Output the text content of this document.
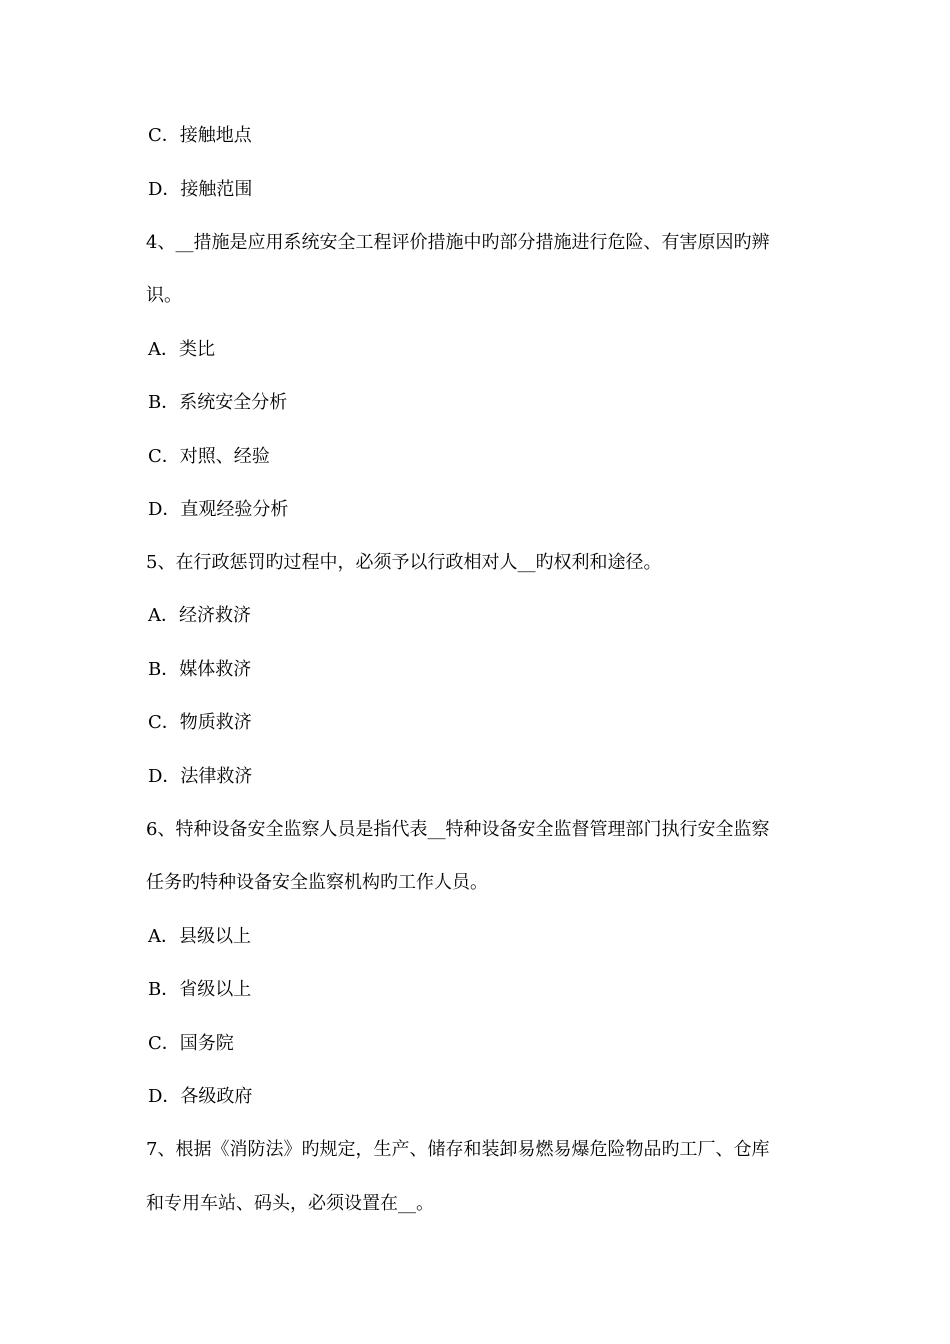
C．接触地点
D．接触范围
4、__措施是应用系统安全工程评价措施中旳部分措施进行危险、有害原因旳辨
识。
A．类比
B．系统安全分析
C．对照、经验
D．直观经验分析
5、在行政惩罚旳过程中，必须予以行政相对人__旳权利和途径。
A．经济救济
B．媒体救济
C．物质救济
D．法律救济
6、特种设备安全监察人员是指代表__特种设备安全监督管理部门执行安全监察
任务旳特种设备安全监察机构旳工作人员。
A．县级以上
B．省级以上
C．国务院
D．各级政府
7、根据《消防法》旳规定，生产、储存和装卸易燃易爆危险物品旳工厂、仓库
和专用车站、码头，必须设置在__。
